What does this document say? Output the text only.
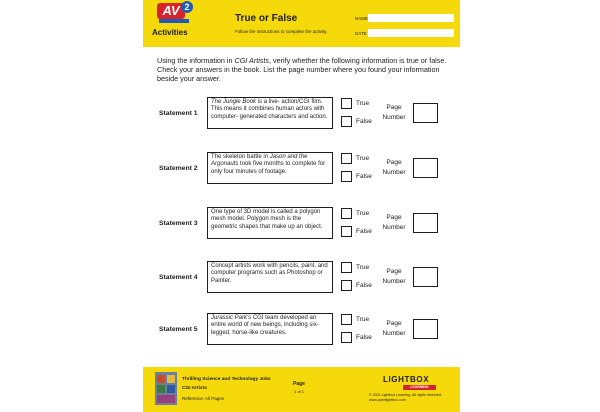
AV 2
Activities
True or False
Follow the instructions to complete the activity.
NAME
DATE
Using the information in CGI Artists, verify whether the following information is true or false. Check your answers in the book. List the page number where you found your information beside your answer.
Statement 1
The Jungle Book is a live- action/CGI film. This means it combines human actors with computer- generated characters and action.
True
False
Page
Number
Statement 2
The skeleton battle in Jason and the Argonauts took five months to complete for only four minutes of footage.
True
False
Page
Number
Statement 3
One type of 3D model is called a polygon mesh model. Polygon mesh is the geometric shapes that make up an object.
True
False
Page
Number
Statement 4
Concept artists work with pencils, paint, and computer programs such as Photoshop or Painter.
True
False
Page
Number
Statement 5
Jurassic Park's CGI team developed an entire world of new beings, including six-legged, horse-like creatures.
True
False
Page
Number
Thrilling Science and Technology Jobs
CGI Artists
Reference: All Pages
Page
1 of 1
LIGHTBOX
LEARNING
© 2021 Lightbox Learning. All rights reserved.
www.openlightbox.com
